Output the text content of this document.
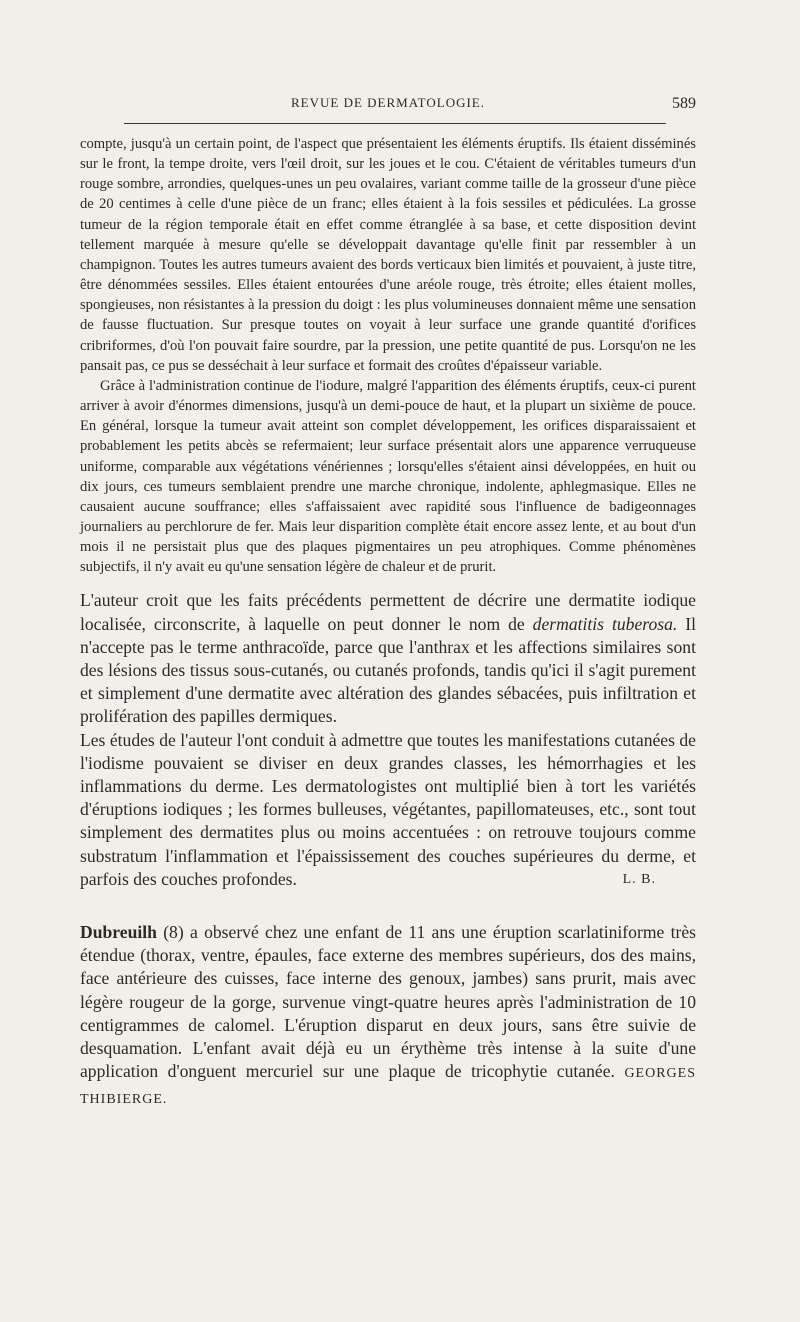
REVUE DE DERMATOLOGIE.	589

compte, jusqu'à un certain point, de l'aspect que présentaient les éléments éruptifs. Ils étaient disséminés sur le front, la tempe droite, vers l'œil droit, sur les joues et le cou. C'étaient de véritables tumeurs d'un rouge sombre, arrondies, quelques-unes un peu ovalaires, variant comme taille de la grosseur d'une pièce de 20 centimes à celle d'une pièce de un franc; elles étaient à la fois sessiles et pédiculées. La grosse tumeur de la région temporale était en effet comme étranglée à sa base, et cette disposition devint tellement marquée à mesure qu'elle se développait davantage qu'elle finit par ressembler à un champignon. Toutes les autres tumeurs avaient des bords verticaux bien limités et pouvaient, à juste titre, être dénommées sessiles. Elles étaient entourées d'une aréole rouge, très étroite; elles étaient molles, spongieuses, non résistantes à la pression du doigt : les plus volumineuses donnaient même une sensation de fausse fluctuation. Sur presque toutes on voyait à leur surface une grande quantité d'orifices cribriformes, d'où l'on pouvait faire sourdre, par la pression, une petite quantité de pus. Lorsqu'on ne les pansait pas, ce pus se desséchait à leur surface et formait des croûtes d'épaisseur variable.

Grâce à l'administration continue de l'iodure, malgré l'apparition des éléments éruptifs, ceux-ci purent arriver à avoir d'énormes dimensions, jusqu'à un demi-pouce de haut, et la plupart un sixième de pouce. En général, lorsque la tumeur avait atteint son complet développement, les orifices disparaissaient et probablement les petits abcès se refermaient; leur surface présentait alors une apparence verruqueuse uniforme, comparable aux végétations vénériennes ; lorsqu'elles s'étaient ainsi développées, en huit ou dix jours, ces tumeurs semblaient prendre une marche chronique, indolente, aphlegmasique. Elles ne causaient aucune souffrance; elles s'affaissaient avec rapidité sous l'influence de badigeonnages journaliers au perchlorure de fer. Mais leur disparition complète était encore assez lente, et au bout d'un mois il ne persistait plus que des plaques pigmentaires un peu atrophiques. Comme phénomènes subjectifs, il n'y avait eu qu'une sensation légère de chaleur et de prurit.

L'auteur croit que les faits précédents permettent de décrire une dermatite iodique localisée, circonscrite, à laquelle on peut donner le nom de dermatitis tuberosa. Il n'accepte pas le terme anthracoïde, parce que l'anthrax et les affections similaires sont des lésions des tissus sous-cutanés, ou cutanés profonds, tandis qu'ici il s'agit purement et simplement d'une dermatite avec altération des glandes sébacées, puis infiltration et prolifération des papilles dermiques.

Les études de l'auteur l'ont conduit à admettre que toutes les manifestations cutanées de l'iodisme pouvaient se diviser en deux grandes classes, les hémorrhagies et les inflammations du derme. Les dermatologistes ont multiplié bien à tort les variétés d'éruptions iodiques ; les formes bulleuses, végétantes, papillomateuses, etc., sont tout simplement des dermatites plus ou moins accentuées : on retrouve toujours comme substratum l'inflammation et l'épaississement des couches supérieures du derme, et parfois des couches profondes.	L. B.

Dubreuilh (8) a observé chez une enfant de 11 ans une éruption scarlatiniforme très étendue (thorax, ventre, épaules, face externe des membres supérieurs, dos des mains, face antérieure des cuisses, face interne des genoux, jambes) sans prurit, mais avec légère rougeur de la gorge, survenue vingt-quatre heures après l'administration de 10 centigrammes de calomel. L'éruption disparut en deux jours, sans être suivie de desquamation. L'enfant avait déjà eu un érythème très intense à la suite d'une application d'onguent mercuriel sur une plaque de tricophytie cutanée. GEORGES THIBIERGE.
